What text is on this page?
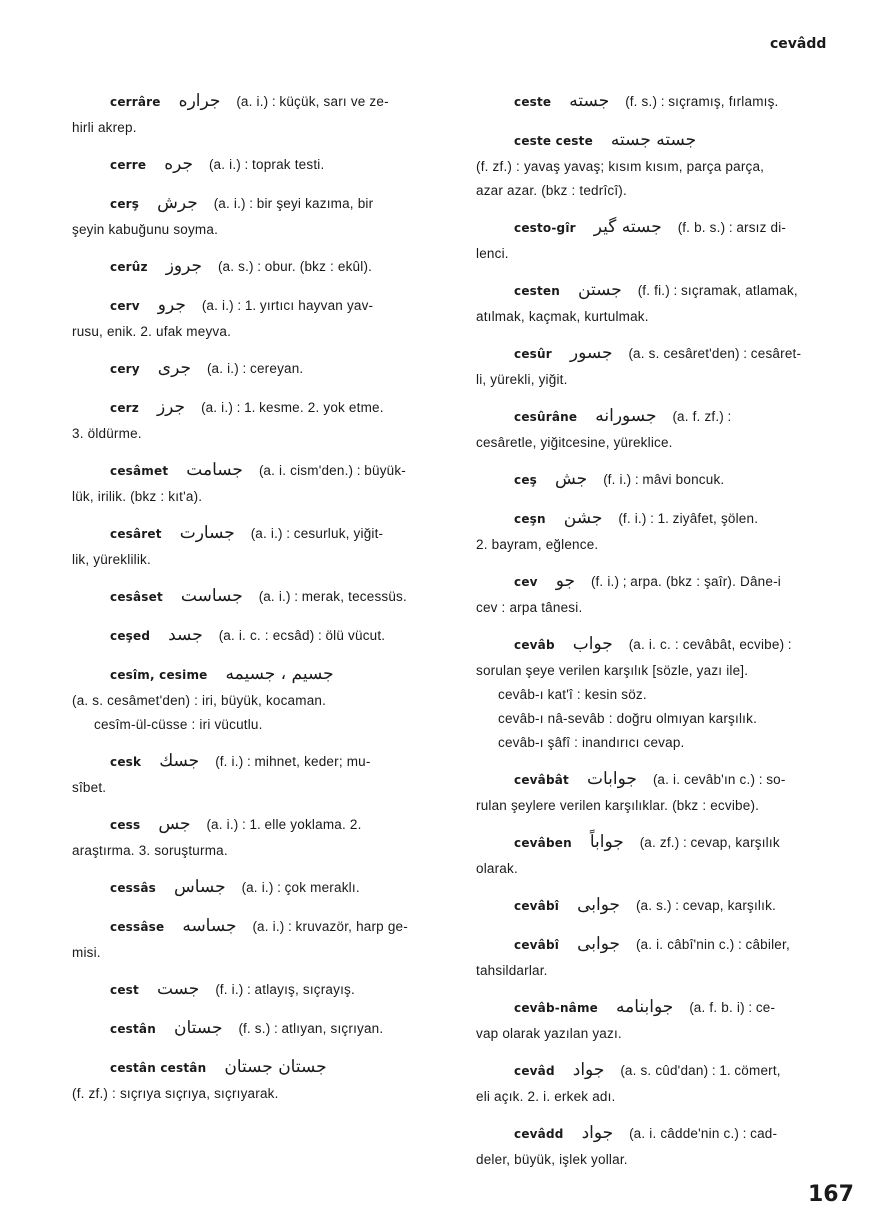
cevâdd
cerrâre جراره (a. i.) : küçük, sarı ve ze-
hirli akrep.
cerre جره (a. i.) : toprak testi.
cerş جرش (a. i.) : bir şeyi kazıma, bir
şeyin kabuğunu soyma.
cerûz جروز (a. s.) : obur. (bkz : ekûl).
cerv جرو (a. i.) : 1. yırtıcı hayvan yav-
rusu, enik. 2. ufak meyva.
cery جرى (a. i.) : cereyan.
cerz جرز (a. i.) : 1. kesme. 2. yok etme.
3. öldürme.
cesâmet جسامت (a. i. cism'den.) : büyük-
lük, irilik. (bkz : kıt'a).
cesâret جسارت (a. i.) : cesurluk, yiğit-
lik, yüreklilik.
cesâset جساست (a. i.) : merak, tecessüs.
ceşed جسد (a. i. c. : ecsâd) : ölü vücut.
cesîm, cesime جسيم ، جسيمه
(a. s. cesâmet'den) : iri, büyük, kocaman.
cesîm-ül-cüsse : iri vücutlu.
cesk جسك (f. i.) : mihnet, keder; mu-
sîbet.
cess جس (a. i.) : 1. elle yoklama. 2.
araştırma. 3. soruşturma.
cessâs جساس (a. i.) : çok meraklı.
cessâse جساسه (a. i.) : kruvazör, harp ge-
misi.
cest جست (f. i.) : atlayış, sıçrayış.
cestân جستان (f. s.) : atlıyan, sıçrıyan.
cestân cestân جستان جستان
(f. zf.) : sıçrıya sıçrıya, sıçrıyarak.
ceste جسته (f. s.) : sıçramış, fırlamış.
ceste ceste جسته جسته
(f. zf.) : yavaş yavaş; kısım kısım, parça parça,
azar azar. (bkz : tedrîcî).
cesto-gîr جسته گیر (f. b. s.) : arsız di-
lenci.
cesten جستن (f. fi.) : sıçramak, atlamak,
atılmak, kaçmak, kurtulmak.
cesûr جسور (a. s. cesâret'den) : cesâret-
li, yürekli, yiğit.
cesûrâne جسورانه (a. f. zf.) :
cesâretle, yiğitcesine, yüreklice.
ceş جش (f. i.) : mâvi boncuk.
ceşn جشن (f. i.) : 1. ziyâfet, şölen.
2. bayram, eğlence.
cev جو (f. i.) ; arpa. (bkz : şaîr). Dâne-i
cev : arpa tânesi.
cevâb جواب (a. i. c. : cevâbât, ecvibe) :
sorulan şeye verilen karşılık [sözle, yazı ile].
cevâb-ı kat'î : kesin söz.
cevâb-ı nâ-sevâb : doğru olmıyan karşılık.
cevâb-ı şâfî : inandırıcı cevap.
cevâbât جوابات (a. i. cevâb'ın c.) : so-
rulan şeylere verilen karşılıklar. (bkz : ecvibe).
cevâben جواباً (a. zf.) : cevap, karşılık
olarak.
cevâbî جوابى (a. s.) : cevap, karşılık.
cevâbî جوابى (a. i. câbî'nin c.) : câbiler,
tahsildarlar.
cevâb-nâme جوابنامه (a. f. b. i) : ce-
vap olarak yazılan yazı.
cevâd جواد (a. s. cûd'dan) : 1. cömert,
eli açık. 2. i. erkek adı.
cevâdd جواد (a. i. câdde'nin c.) : cad-
deler, büyük, işlek yollar.
167
